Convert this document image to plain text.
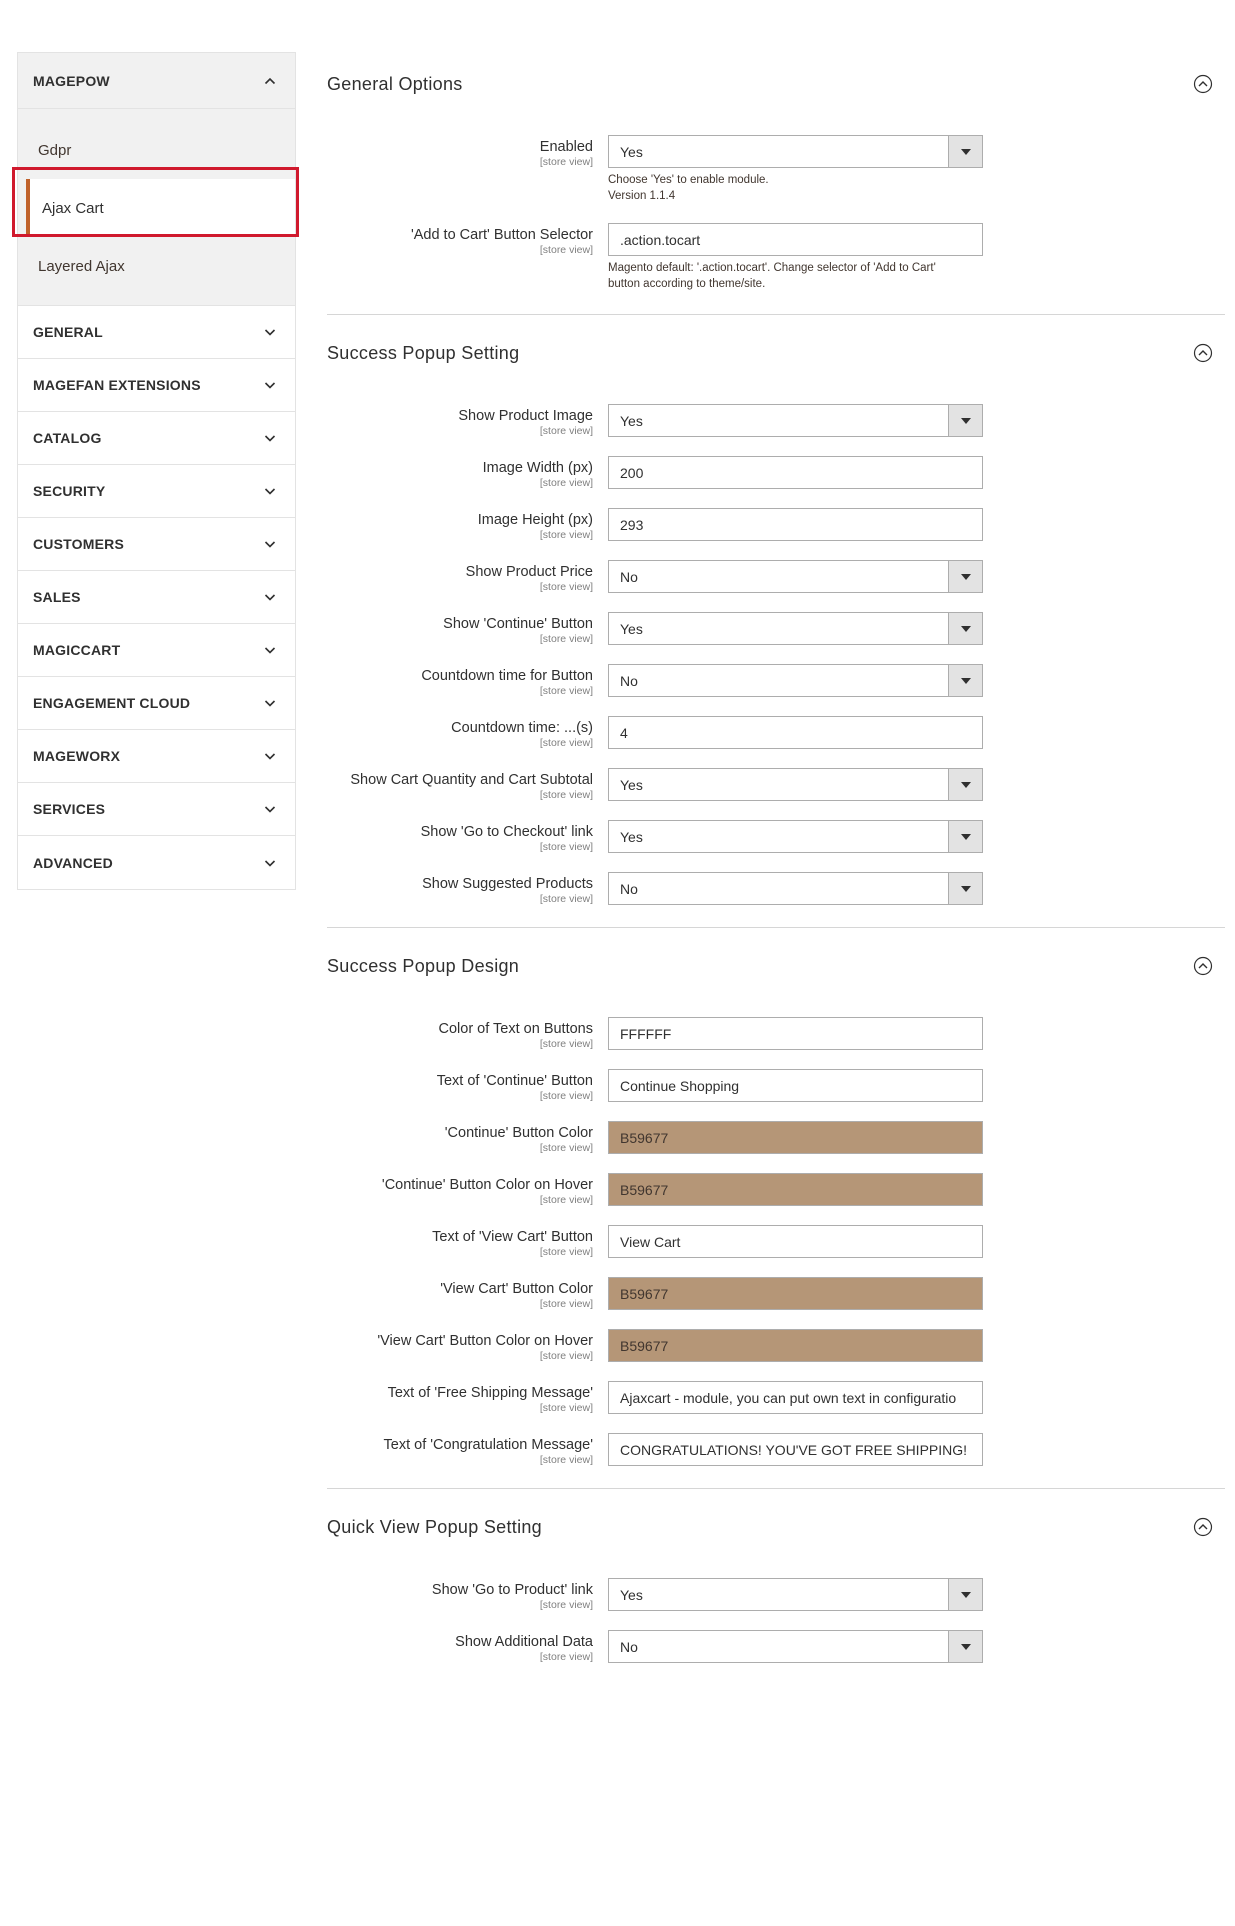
MAGEPOW
Gdpr
Ajax Cart
Layered Ajax
GENERAL
MAGEFAN EXTENSIONS
CATALOG
SECURITY
CUSTOMERS
SALES
MAGICCART
ENGAGEMENT CLOUD
MAGEWORX
SERVICES
ADVANCED
General Options
Enabled
[store view]
Yes
Choose 'Yes' to enable module.
Version 1.1.4
'Add to Cart' Button Selector
[store view]
.action.tocart
Magento default: '.action.tocart'. Change selector of 'Add to Cart'
button according to theme/site.
Success Popup Setting
Show Product Image
[store view]
Yes
Image Width (px)
[store view]
200
Image Height (px)
[store view]
293
Show Product Price
[store view]
No
Show 'Continue' Button
[store view]
Yes
Countdown time for Button
[store view]
No
Countdown time: ...(s)
[store view]
4
Show Cart Quantity and Cart Subtotal
[store view]
Yes
Show 'Go to Checkout' link
[store view]
Yes
Show Suggested Products
[store view]
No
Success Popup Design
Color of Text on Buttons
[store view]
FFFFFF
Text of 'Continue' Button
[store view]
Continue Shopping
'Continue' Button Color
[store view]
B59677
'Continue' Button Color on Hover
[store view]
B59677
Text of 'View Cart' Button
[store view]
View Cart
'View Cart' Button Color
[store view]
B59677
'View Cart' Button Color on Hover
[store view]
B59677
Text of 'Free Shipping Message'
[store view]
Ajaxcart - module, you can put own text in configuratio
Text of 'Congratulation Message'
[store view]
CONGRATULATIONS! YOU'VE GOT FREE SHIPPING!
Quick View Popup Setting
Show 'Go to Product' link
[store view]
Yes
Show Additional Data
[store view]
No
